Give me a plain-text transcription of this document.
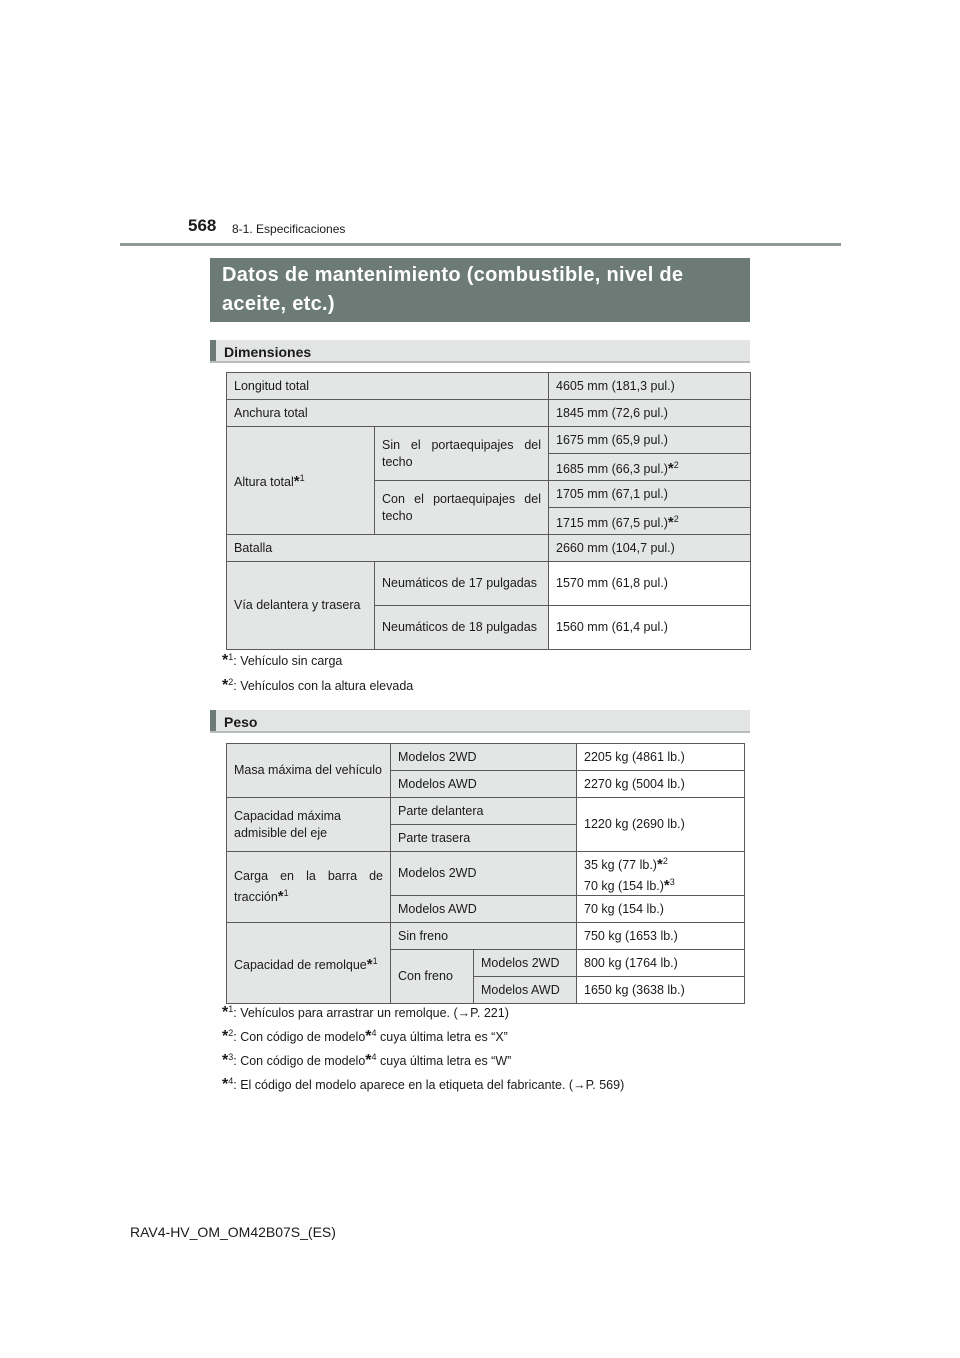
568 8-1. Especificaciones
Datos de mantenimiento (combustible, nivel de aceite, etc.)
Dimensiones
Longitud total		4605 mm (181,3 pul.)
Anchura total		1845 mm (72,6 pul.)
Altura total*$^1$	Sin el portaequipajes del techo	1675 mm (65,9 pul.)
		1685 mm (66,3 pul.)*$^2$
	Con el portaequipajes del techo	1705 mm (67,1 pul.)
		1715 mm (67,5 pul.)*$^2$
Batalla		2660 mm (104,7 pul.)
Vía delantera y trasera	Neumáticos de 17 pulgadas	1570 mm (61,8 pul.)
	Neumáticos de 18 pulgadas	1560 mm (61,4 pul.)
*$^1$: Vehículo sin carga
*$^2$: Vehículos con la altura elevada
Peso
Masa máxima del vehículo	Modelos 2WD		2205 kg (4861 lb.)
	Modelos AWD		2270 kg (5004 lb.)
Capacidad máxima admisible del eje	Parte delantera		1220 kg (2690 lb.)
	Parte trasera		
Carga en la barra de tracción*$^1$	Modelos 2WD		35 kg (77 lb.)*$^2$
70 kg (154 lb.)*$^3$
	Modelos AWD		70 kg (154 lb.)
Capacidad de remolque*$^1$	Sin freno		750 kg (1653 lb.)
	Con freno	Modelos 2WD	800 kg (1764 lb.)
		Modelos AWD	1650 kg (3638 lb.)
*$^1$: Vehículos para arrastrar un remolque. (→P. 221)
*$^2$: Con código de modelo*$^4$ cuya última letra es “X”
*$^3$: Con código de modelo*$^4$ cuya última letra es “W”
*$^4$: El código del modelo aparece en la etiqueta del fabricante. (→P. 569)
RAV4-HV_OM_OM42B07S_(ES)
